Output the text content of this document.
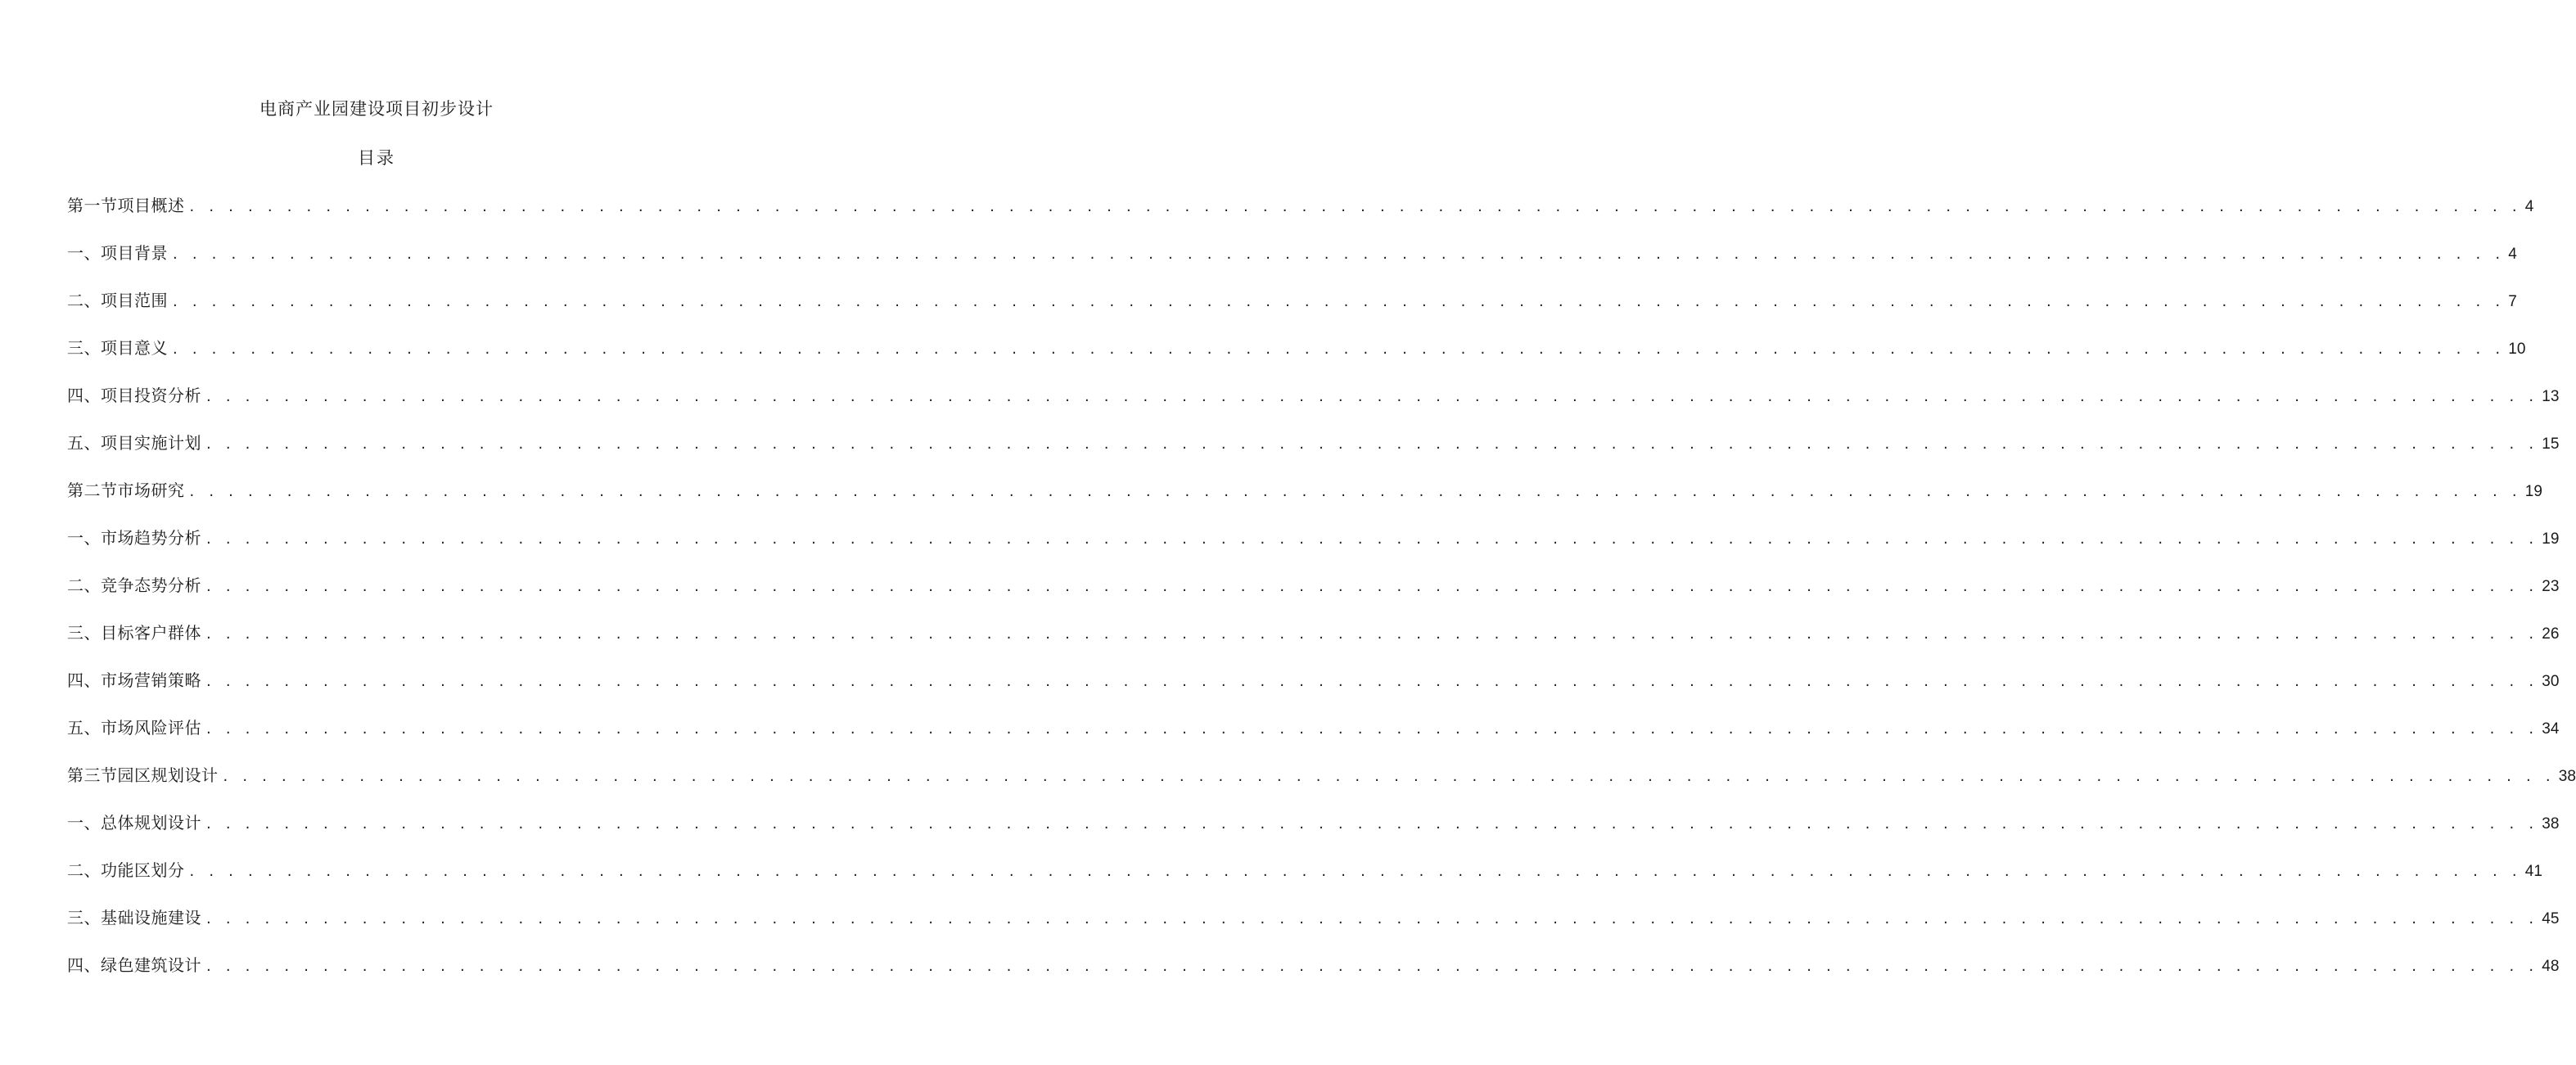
电商产业园建设项目初步设计
目录
第一节项目概述 . . . . . . . . . . . . . . . . . . . . . . . . . . . . . . . . . . . . . . . . . . . . . . . . . . . . . . . . . . . . . . . . . . . . . . . . . . . . . . . . . . . . . . . . . . . . . . . . . . . . . . . . . . . . . . . . . . . . . . . . 4
一、项目背景 . . . . . . . . . . . . . . . . . . . . . . . . . . . . . . . . . . . . . . . . . . . . . . . . . . . . . . . . . . . . . . . . . . . . . . . . . . . . . . . . . . . . . . . . . . . . . . . . . . . . . . . . . . . . . . . . . . . . . . . . 4
二、项目范围 . . . . . . . . . . . . . . . . . . . . . . . . . . . . . . . . . . . . . . . . . . . . . . . . . . . . . . . . . . . . . . . . . . . . . . . . . . . . . . . . . . . . . . . . . . . . . . . . . . . . . . . . . . . . . . . . . . . . . . . . 7
三、项目意义 . . . . . . . . . . . . . . . . . . . . . . . . . . . . . . . . . . . . . . . . . . . . . . . . . . . . . . . . . . . . . . . . . . . . . . . . . . . . . . . . . . . . . . . . . . . . . . . . . . . . . . . . . . . . . . . . . . . . . . . . 10
四、项目投资分析 . . . . . . . . . . . . . . . . . . . . . . . . . . . . . . . . . . . . . . . . . . . . . . . . . . . . . . . . . . . . . . . . . . . . . . . . . . . . . . . . . . . . . . . . . . . . . . . . . . . . . . . . . . . . . . . . . . . . . . . . 13
五、项目实施计划 . . . . . . . . . . . . . . . . . . . . . . . . . . . . . . . . . . . . . . . . . . . . . . . . . . . . . . . . . . . . . . . . . . . . . . . . . . . . . . . . . . . . . . . . . . . . . . . . . . . . . . . . . . . . . . . . . . . . . . . . 15
第二节市场研究 . . . . . . . . . . . . . . . . . . . . . . . . . . . . . . . . . . . . . . . . . . . . . . . . . . . . . . . . . . . . . . . . . . . . . . . . . . . . . . . . . . . . . . . . . . . . . . . . . . . . . . . . . . . . . . . . . . . . . . . . 19
一、市场趋势分析 . . . . . . . . . . . . . . . . . . . . . . . . . . . . . . . . . . . . . . . . . . . . . . . . . . . . . . . . . . . . . . . . . . . . . . . . . . . . . . . . . . . . . . . . . . . . . . . . . . . . . . . . . . . . . . . . . . . . . . . . 19
二、竞争态势分析 . . . . . . . . . . . . . . . . . . . . . . . . . . . . . . . . . . . . . . . . . . . . . . . . . . . . . . . . . . . . . . . . . . . . . . . . . . . . . . . . . . . . . . . . . . . . . . . . . . . . . . . . . . . . . . . . . . . . . . . . 23
三、目标客户群体 . . . . . . . . . . . . . . . . . . . . . . . . . . . . . . . . . . . . . . . . . . . . . . . . . . . . . . . . . . . . . . . . . . . . . . . . . . . . . . . . . . . . . . . . . . . . . . . . . . . . . . . . . . . . . . . . . . . . . . . . 26
四、市场营销策略 . . . . . . . . . . . . . . . . . . . . . . . . . . . . . . . . . . . . . . . . . . . . . . . . . . . . . . . . . . . . . . . . . . . . . . . . . . . . . . . . . . . . . . . . . . . . . . . . . . . . . . . . . . . . . . . . . . . . . . . . 30
五、市场风险评估 . . . . . . . . . . . . . . . . . . . . . . . . . . . . . . . . . . . . . . . . . . . . . . . . . . . . . . . . . . . . . . . . . . . . . . . . . . . . . . . . . . . . . . . . . . . . . . . . . . . . . . . . . . . . . . . . . . . . . . . . 34
第三节园区规划设计 . . . . . . . . . . . . . . . . . . . . . . . . . . . . . . . . . . . . . . . . . . . . . . . . . . . . . . . . . . . . . . . . . . . . . . . . . . . . . . . . . . . . . . . . . . . . . . . . . . . . . . . . . . . . . . . . . . . . . . . . 38
一、总体规划设计 . . . . . . . . . . . . . . . . . . . . . . . . . . . . . . . . . . . . . . . . . . . . . . . . . . . . . . . . . . . . . . . . . . . . . . . . . . . . . . . . . . . . . . . . . . . . . . . . . . . . . . . . . . . . . . . . . . . . . . . . 38
二、功能区划分 . . . . . . . . . . . . . . . . . . . . . . . . . . . . . . . . . . . . . . . . . . . . . . . . . . . . . . . . . . . . . . . . . . . . . . . . . . . . . . . . . . . . . . . . . . . . . . . . . . . . . . . . . . . . . . . . . . . . . . . . 41
三、基础设施建设 . . . . . . . . . . . . . . . . . . . . . . . . . . . . . . . . . . . . . . . . . . . . . . . . . . . . . . . . . . . . . . . . . . . . . . . . . . . . . . . . . . . . . . . . . . . . . . . . . . . . . . . . . . . . . . . . . . . . . . . . 45
四、绿色建筑设计 . . . . . . . . . . . . . . . . . . . . . . . . . . . . . . . . . . . . . . . . . . . . . . . . . . . . . . . . . . . . . . . . . . . . . . . . . . . . . . . . . . . . . . . . . . . . . . . . . . . . . . . . . . . . . . . . . . . . . . . . 48
